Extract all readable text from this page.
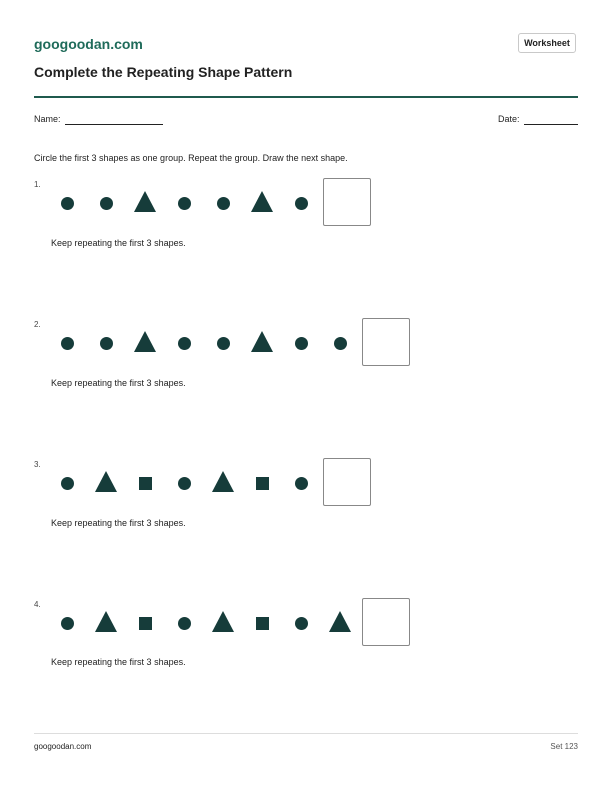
googoodan.com	Worksheet
Complete the Repeating Shape Pattern
Name:	Date:
Circle the first 3 shapes as one group. Repeat the group. Draw the next shape.
1.
Keep repeating the first 3 shapes.
2.
Keep repeating the first 3 shapes.
3.
Keep repeating the first 3 shapes.
4.
Keep repeating the first 3 shapes.
googoodan.com	Set 123
